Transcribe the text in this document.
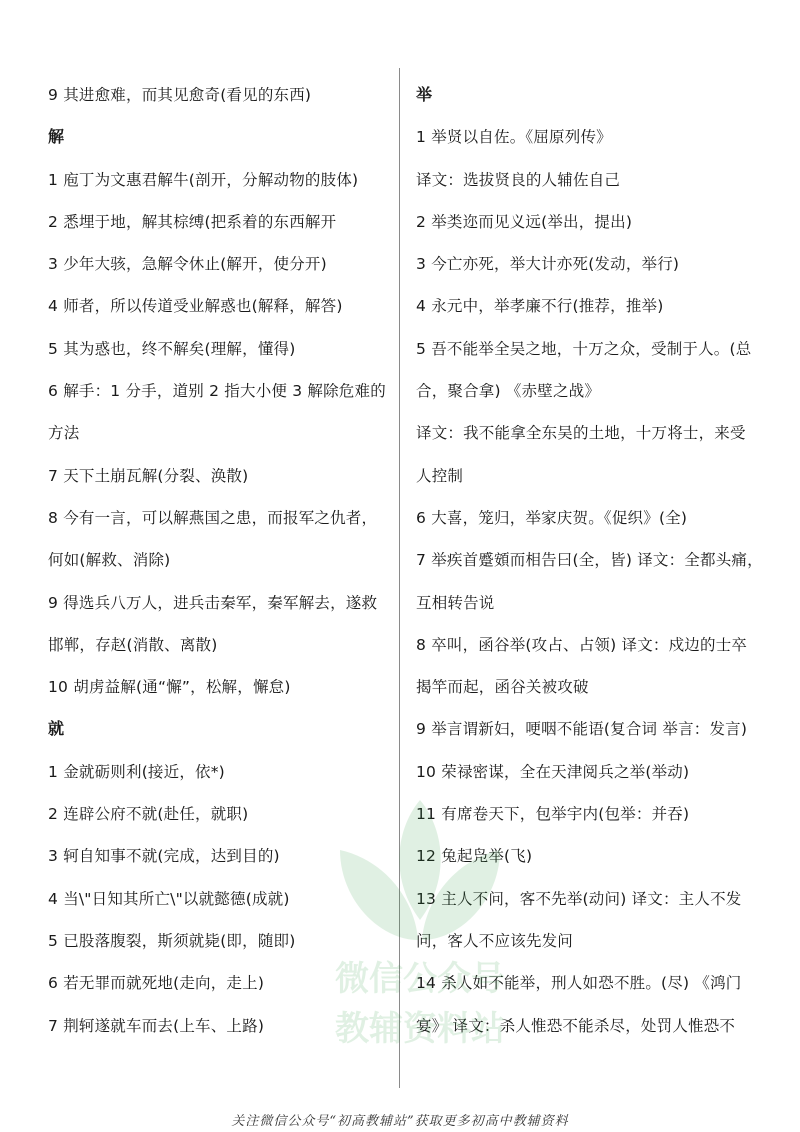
9 其进愈难，而其见愈奇(看见的东西)
解
1 庖丁为文惠君解牛(剖开，分解动物的肢体)
2 悉埋于地，解其棕缚(把系着的东西解开
3 少年大骇，急解令休止(解开，使分开)
4 师者，所以传道受业解惑也(解释，解答)
5 其为惑也，终不解矣(理解，懂得)
6 解手：1 分手，道别 2 指大小便 3 解除危难的
方法
7 天下土崩瓦解(分裂、涣散)
8 今有一言，可以解燕国之患，而报军之仇者，
何如(解救、消除)
9 得选兵八万人，进兵击秦军，秦军解去，遂救
邯郸，存赵(消散、离散)
10 胡虏益解(通“懈”，松解，懈怠)
就
1 金就砺则利(接近，依*)
2 连辟公府不就(赴任，就职)
3 轲自知事不就(完成，达到目的)
4 当\"日知其所亡\"以就懿德(成就)
5 已股落腹裂，斯须就毙(即，随即)
6 若无罪而就死地(走向，走上)
7 荆轲遂就车而去(上车、上路)
举
1 举贤以自佐。《屈原列传》
译文：选拔贤良的人辅佐自己
2 举类迩而见义远(举出，提出)
3 今亡亦死，举大计亦死(发动，举行)
4 永元中，举孝廉不行(推荐，推举)
5 吾不能举全吴之地，十万之众，受制于人。(总
合，聚合拿) 《赤壁之战》
译文：我不能拿全东吴的土地，十万将士，来受
人控制
6 大喜，笼归，举家庆贺。《促织》(全)
7 举疾首蹙頞而相告曰(全，皆) 译文：全都头痛，
互相转告说
8 卒叫，函谷举(攻占、占领) 译文：戍边的士卒
揭竿而起，函谷关被攻破
9 举言谓新妇，哽咽不能语(复合词 举言：发言)
10 荣禄密谋，全在天津阅兵之举(举动)
11 有席卷天下，包举宇内(包举：并吞)
12 兔起凫举(飞)
13 主人不问，客不先举(动问) 译文：主人不发
问，客人不应该先发问
14 杀人如不能举，刑人如恐不胜。(尽) 《鸿门
宴》 译文：杀人惟恐不能杀尽，处罚人惟恐不
微信公众号
教辅资料站
关注微信公众号“初高教辅站”获取更多初高中教辅资料
